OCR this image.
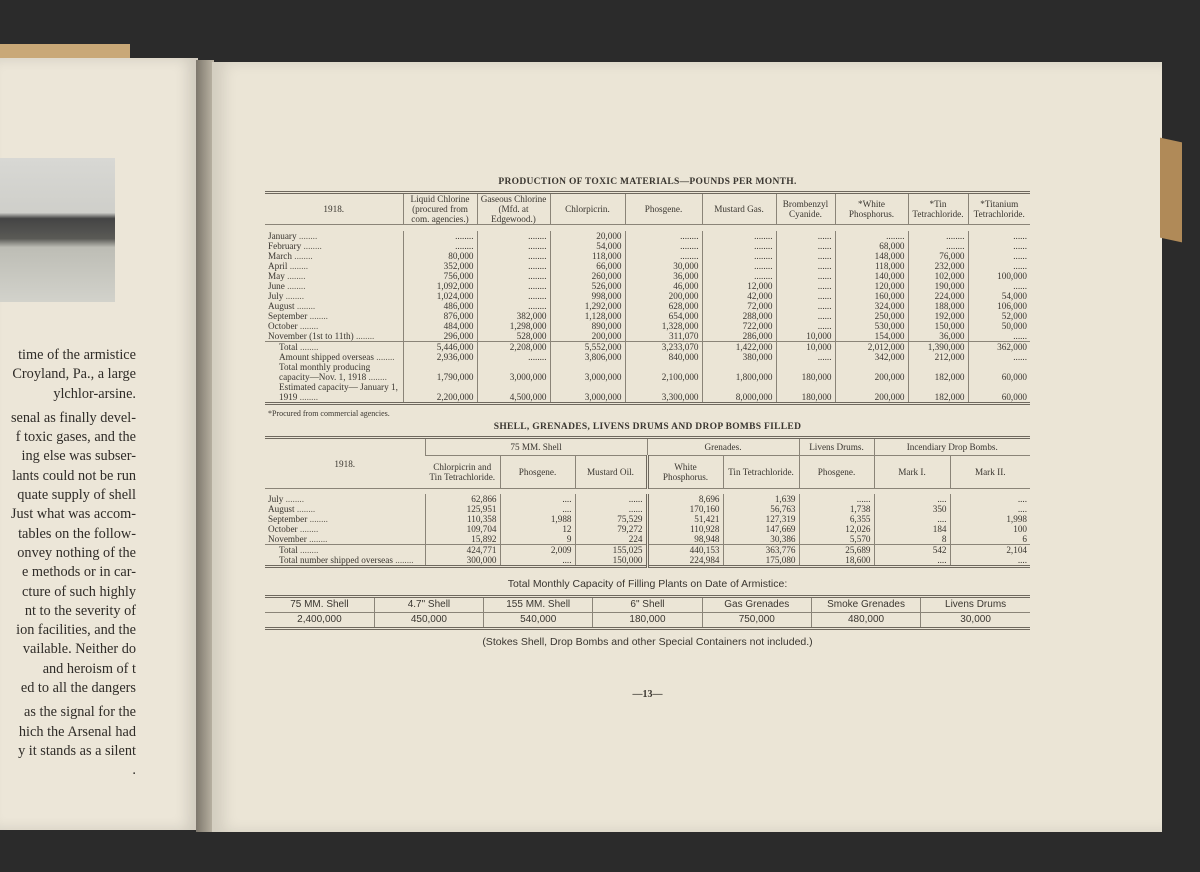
time of the armistice
Croyland, Pa., a large
ylchlor-arsine.

senal as finally devel-
f toxic gases, and the
ing else was subser-
lants could not be run
quate supply of shell
Just what was accom-
tables on the follow-
onvey nothing of the
e methods or in car-
cture of such highly
nt to the severity of
ion facilities, and the
vailable. Neither do
and heroism of t
ed to all the dangers

as the signal for the
hich the Arsenal had
y it stands as a silent
.

PRODUCTION OF TOXIC MATERIALS—POUNDS PER MONTH.
1918.	Liquid Chlorine (procured from com. agencies.)	Gaseous Chlorine (Mfd. at Edgewood.)	Chlorpicrin.	Phosgene.	Mustard Gas.	Brombenzyl Cyanide.	*White Phosphorus.	*Tin Tetrachloride.	*Titanium Tetrachloride.

January ........	........	........	20,000	........	........	......	........	........	......
February ........	........	........	54,000	........	........	......	68,000	........	......
March ........	80,000	........	118,000	........	........	......	148,000	76,000	......
April ........	352,000	........	66,000	30,000	........	......	118,000	232,000	......
May ........	756,000	........	260,000	36,000	........	......	140,000	102,000	100,000
June ........	1,092,000	........	526,000	46,000	12,000	......	120,000	190,000	......
July ........	1,024,000	........	998,000	200,000	42,000	......	160,000	224,000	54,000
August ........	486,000	........	1,292,000	628,000	72,000	......	324,000	188,000	106,000
September ........	876,000	382,000	1,128,000	654,000	288,000	......	250,000	192,000	52,000
October ........	484,000	1,298,000	890,000	1,328,000	722,000	......	530,000	150,000	50,000
November (1st to 11th) ........	296,000	528,000	200,000	311,070	286,000	10,000	154,000	36,000	......
Total ........	5,446,000	2,208,000	5,552,000	3,233,070	1,422,000	10,000	2,012,000	1,390,000	362,000
Amount shipped overseas ........	2,936,000	........	3,806,000	840,000	380,000	......	342,000	212,000	......
Total monthly producing capacity—Nov. 1, 1918 ........	1,790,000	3,000,000	3,000,000	2,100,000	1,800,000	180,000	200,000	182,000	60,000
Estimated capacity— January 1, 1919 ........	2,200,000	4,500,000	3,000,000	3,300,000	8,000,000	180,000	200,000	182,000	60,000
*Procured from commercial agencies.
SHELL, GRENADES, LIVENS DRUMS AND DROP BOMBS FILLED
1918.	75 MM. Shell			Grenades.		Livens Drums.	Incendiary Drop Bombs.	
	Chlorpicrin and Tin Tetrachloride.	Phosgene.	Mustard Oil.	White Phosphorus.	Tin Tetrachloride.	Phosgene.	Mark I.	Mark II.

July ........	62,866	....	......	8,696	1,639	......	....	....
August ........	125,951	....	......	170,160	56,763	1,738	350	....
September ........	110,358	1,988	75,529	51,421	127,319	6,355	....	1,998
October ........	109,704	12	79,272	110,928	147,669	12,026	184	100
November ........	15,892	9	224	98,948	30,386	5,570	8	6
Total ........	424,771	2,009	155,025	440,153	363,776	25,689	542	2,104
Total number shipped overseas ........	300,000	....	150,000	224,984	175,080	18,600	....	....
Total Monthly Capacity of Filling Plants on Date of Armistice:
75 MM. Shell	4.7" Shell	155 MM. Shell	6" Shell	Gas Grenades	Smoke Grenades	Livens Drums
2,400,000	450,000	540,000	180,000	750,000	480,000	30,000
(Stokes Shell, Drop Bombs and other Special Containers not included.)
—13—
